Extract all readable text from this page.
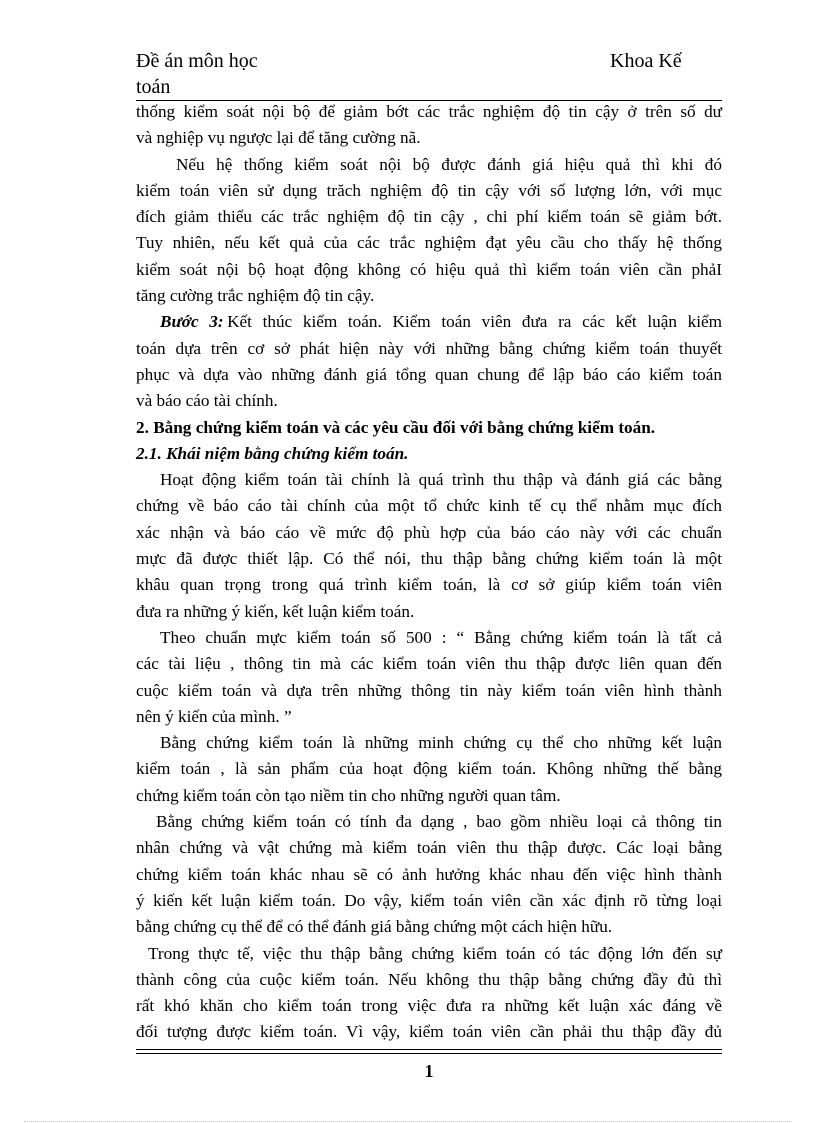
Đề án môn học toán
Khoa Kế
thống kiểm soát nội bộ để giảm bớt các trắc nghiệm độ tin cậy ở trên số dư
và nghiệp vụ ngược lại để tăng cường nã.
Nếu hệ thống kiểm soát nội bộ được đánh giá hiệu quả thì khi đó
kiểm toán viên sử dụng trăch nghiệm độ tin cậy với số lượng lớn, với mục
đích giảm thiểu các trắc nghiệm độ tin cậy , chi phí kiểm toán sẽ giảm bớt.
Tuy nhiên, nếu kết quả của các trắc nghiệm đạt yêu cầu cho thấy hệ thống
kiểm soát nội bộ hoạt động không có hiệu quả thì kiểm toán viên cần phảI
tăng cường trắc nghiệm độ tin cậy.
Bước 3:  Kết thúc kiểm toán. Kiểm toán viên đưa ra các kết luận kiểm
toán dựa trên cơ sở phát hiện này với những bằng chứng kiểm toán thuyết
phục và dựa vào những đánh giá tổng quan chung để lập báo cáo kiểm toán
và báo cáo tài chính.
2. Bằng chứng kiểm toán và các yêu cầu đối với bằng chứng kiểm toán.
2.1. Khái niệm bằng chứng kiểm toán.
Hoạt động kiểm toán tài chính là quá trình thu thập và đánh giá các bằng
chứng về báo cáo tài chính của một tổ chức kinh tế cụ thể nhằm mục đích
xác nhận và báo cáo về mức độ phù hợp của báo cáo này với các chuẩn
mực đã được thiết lập. Có thể nói, thu thập bằng chứng kiểm toán là một
khâu quan trọng trong quá trình kiểm toán, là cơ sở giúp kiểm toán viên
đưa ra những ý kiến, kết luận kiểm toán.
Theo chuẩn mực kiểm toán số 500 : “ Bằng chứng kiểm toán là tất cả
các tài liệu , thông tin mà các kiểm toán viên thu thập được liên quan đến
cuộc kiểm toán và dựa trên những thông tin này kiểm toán viên hình thành
nên ý kiến của mình. ”
Bằng chứng kiểm toán là những minh chứng cụ thể cho những kết luận
kiểm toán , là sản phẩm của hoạt động kiểm toán. Không những thế bằng
chứng kiểm toán còn tạo niềm tin cho những người quan tâm.
Bằng chứng kiểm toán có tính đa dạng , bao gồm nhiều loại cả thông tin
nhân chứng và vật chứng mà kiểm toán viên thu thập được. Các loại bằng
chứng kiểm toán khác nhau sẽ có ảnh hưởng khác nhau đến việc hình thành
ý kiến kết luận kiểm toán. Do vậy, kiểm toán viên cần xác định rõ từng loại
bằng chứng cụ thể để có thể đánh giá bằng chứng một cách hiện hữu.
Trong thực tế, việc thu thập bằng chứng kiểm toán có tác động lớn đến sự
thành công của cuộc kiểm toán. Nếu không thu thập bằng chứng đầy đủ thì
rất khó khăn cho kiểm toán trong việc đưa ra những kết luận xác đáng về
đối tượng được kiểm toán. Vì vậy, kiểm toán viên cần phải thu thập đầy đủ
1
